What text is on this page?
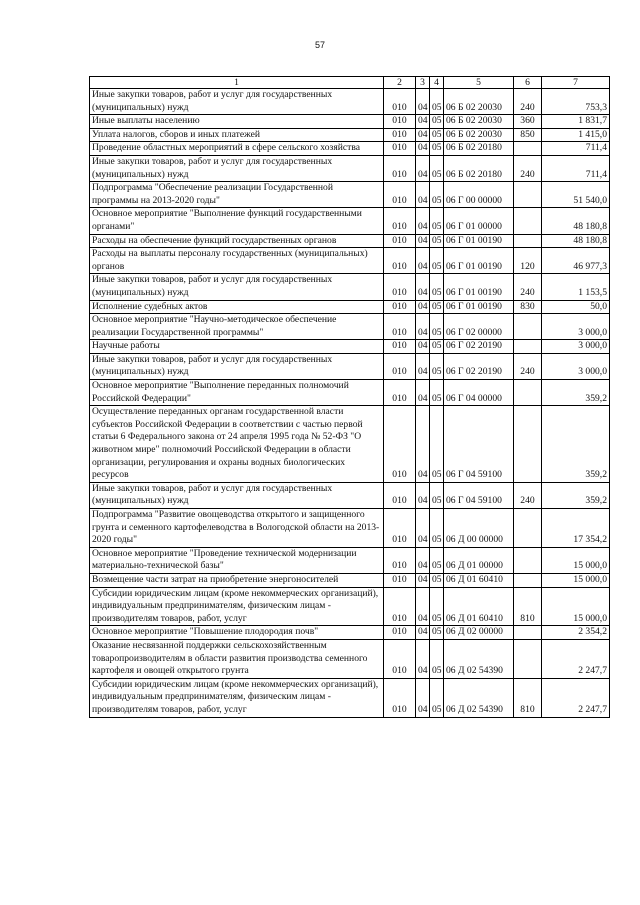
57
1	2	3	4	5	6	7
Иные закупки товаров, работ и услуг для государственных (муниципальных) нужд	010	04	05	06 Б 02 20030	240	753,3
Иные выплаты населению	010	04	05	06 Б 02 20030	360	1 831,7
Уплата налогов, сборов и иных платежей	010	04	05	06 Б 02 20030	850	1 415,0
Проведение областных мероприятий в сфере сельского хозяйства	010	04	05	06 Б 02 20180		711,4
Иные закупки товаров, работ и услуг для государственных (муниципальных) нужд	010	04	05	06 Б 02 20180	240	711,4
Подпрограмма "Обеспечение реализации Государственной программы на 2013-2020 годы"	010	04	05	06 Г 00 00000		51 540,0
Основное мероприятие "Выполнение функций государственными органами"	010	04	05	06 Г 01 00000		48 180,8
Расходы на обеспечение функций государственных органов	010	04	05	06 Г 01 00190		48 180,8
Расходы на выплаты персоналу государственных (муниципальных) органов	010	04	05	06 Г 01 00190	120	46 977,3
Иные закупки товаров, работ и услуг для государственных (муниципальных) нужд	010	04	05	06 Г 01 00190	240	1 153,5
Исполнение судебных актов	010	04	05	06 Г 01 00190	830	50,0
Основное мероприятие "Научно-методическое обеспечение реализации Государственной программы"	010	04	05	06 Г 02 00000		3 000,0
Научные работы	010	04	05	06 Г 02 20190		3 000,0
Иные закупки товаров, работ и услуг для государственных (муниципальных) нужд	010	04	05	06 Г 02 20190	240	3 000,0
Основное мероприятие "Выполнение переданных полномочий Российской Федерации"	010	04	05	06 Г 04 00000		359,2
Осуществление переданных органам государственной власти субъектов Российской Федерации в соответствии с частью первой статьи 6 Федерального закона от 24 апреля 1995 года № 52-ФЗ "О животном мире" полномочий Российской Федерации в области организации, регулирования и охраны водных биологических ресурсов	010	04	05	06 Г 04 59100		359,2
Иные закупки товаров, работ и услуг для государственных (муниципальных) нужд	010	04	05	06 Г 04 59100	240	359,2
Подпрограмма "Развитие овощеводства открытого и защищенного грунта и семенного картофелеводства в Вологодской области на 2013-2020 годы"	010	04	05	06 Д 00 00000		17 354,2
Основное мероприятие "Проведение технической модернизации материально-технической базы"	010	04	05	06 Д 01 00000		15 000,0
Возмещение части затрат на приобретение энергоносителей	010	04	05	06 Д 01 60410		15 000,0
Субсидии юридическим лицам (кроме некоммерческих организаций), индивидуальным предпринимателям, физическим лицам - производителям товаров, работ, услуг	010	04	05	06 Д 01 60410	810	15 000,0
Основное мероприятие "Повышение плодородия почв"	010	04	05	06 Д 02 00000		2 354,2
Оказание несвязанной поддержки сельскохозяйственным товаропроизводителям в области развития производства семенного картофеля и овощей открытого грунта	010	04	05	06 Д 02 54390		2 247,7
Субсидии юридическим лицам (кроме некоммерческих организаций), индивидуальным предпринимателям, физическим лицам - производителям товаров, работ, услуг	010	04	05	06 Д 02 54390	810	2 247,7
